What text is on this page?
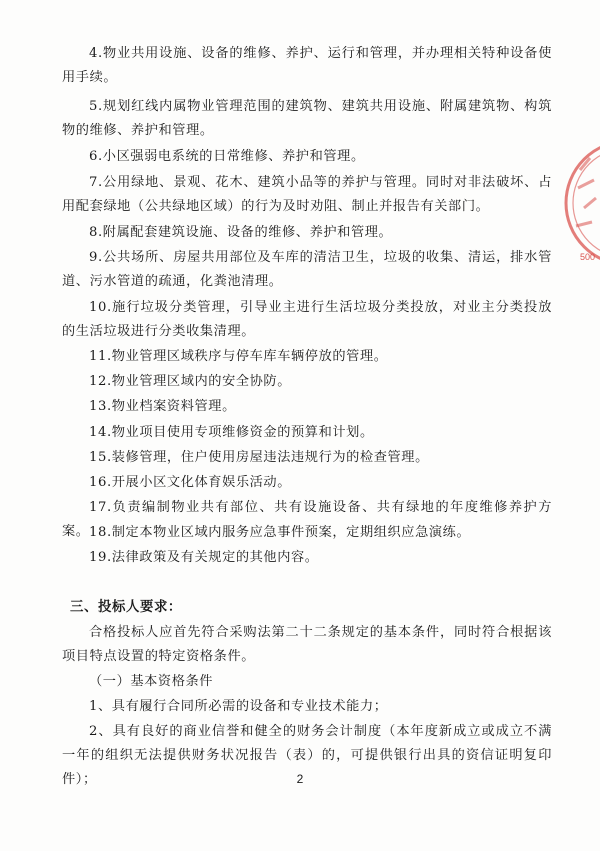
500

4.物业共用设施、设备的维修、养护、运行和管理，并办理相关特种设备使用手续。

5.规划红线内属物业管理范围的建筑物、建筑共用设施、附属建筑物、构筑物的维修、养护和管理。

6.小区强弱电系统的日常维修、养护和管理。

7.公用绿地、景观、花木、建筑小品等的养护与管理。同时对非法破坏、占用配套绿地（公共绿地区域）的行为及时劝阻、制止并报告有关部门。

8.附属配套建筑设施、设备的维修、养护和管理。

9.公共场所、房屋共用部位及车库的清洁卫生，垃圾的收集、清运，排水管道、污水管道的疏通，化粪池清理。

10.施行垃圾分类管理，引导业主进行生活垃圾分类投放，对业主分类投放的生活垃圾进行分类收集清理。

11.物业管理区域秩序与停车库车辆停放的管理。

12.物业管理区域内的安全协防。

13.物业档案资料管理。

14.物业项目使用专项维修资金的预算和计划。

15.装修管理，住户使用房屋违法违规行为的检查管理。

16.开展小区文化体育娱乐活动。

17.负责编制物业共有部位、共有设施设备、共有绿地的年度维修养护方案。 18.制定本物业区域内服务应急事件预案，定期组织应急演练。

19.法律政策及有关规定的其他内容。

三、投标人要求：

合格投标人应首先符合采购法第二十二条规定的基本条件，同时符合根据该项目特点设置的特定资格条件。

（一）基本资格条件

1、具有履行合同所必需的设备和专业技术能力；

2、具有良好的商业信誉和健全的财务会计制度（本年度新成立或成立不满一年的组织无法提供财务状况报告（表）的，可提供银行出具的资信证明复印件）；	2
